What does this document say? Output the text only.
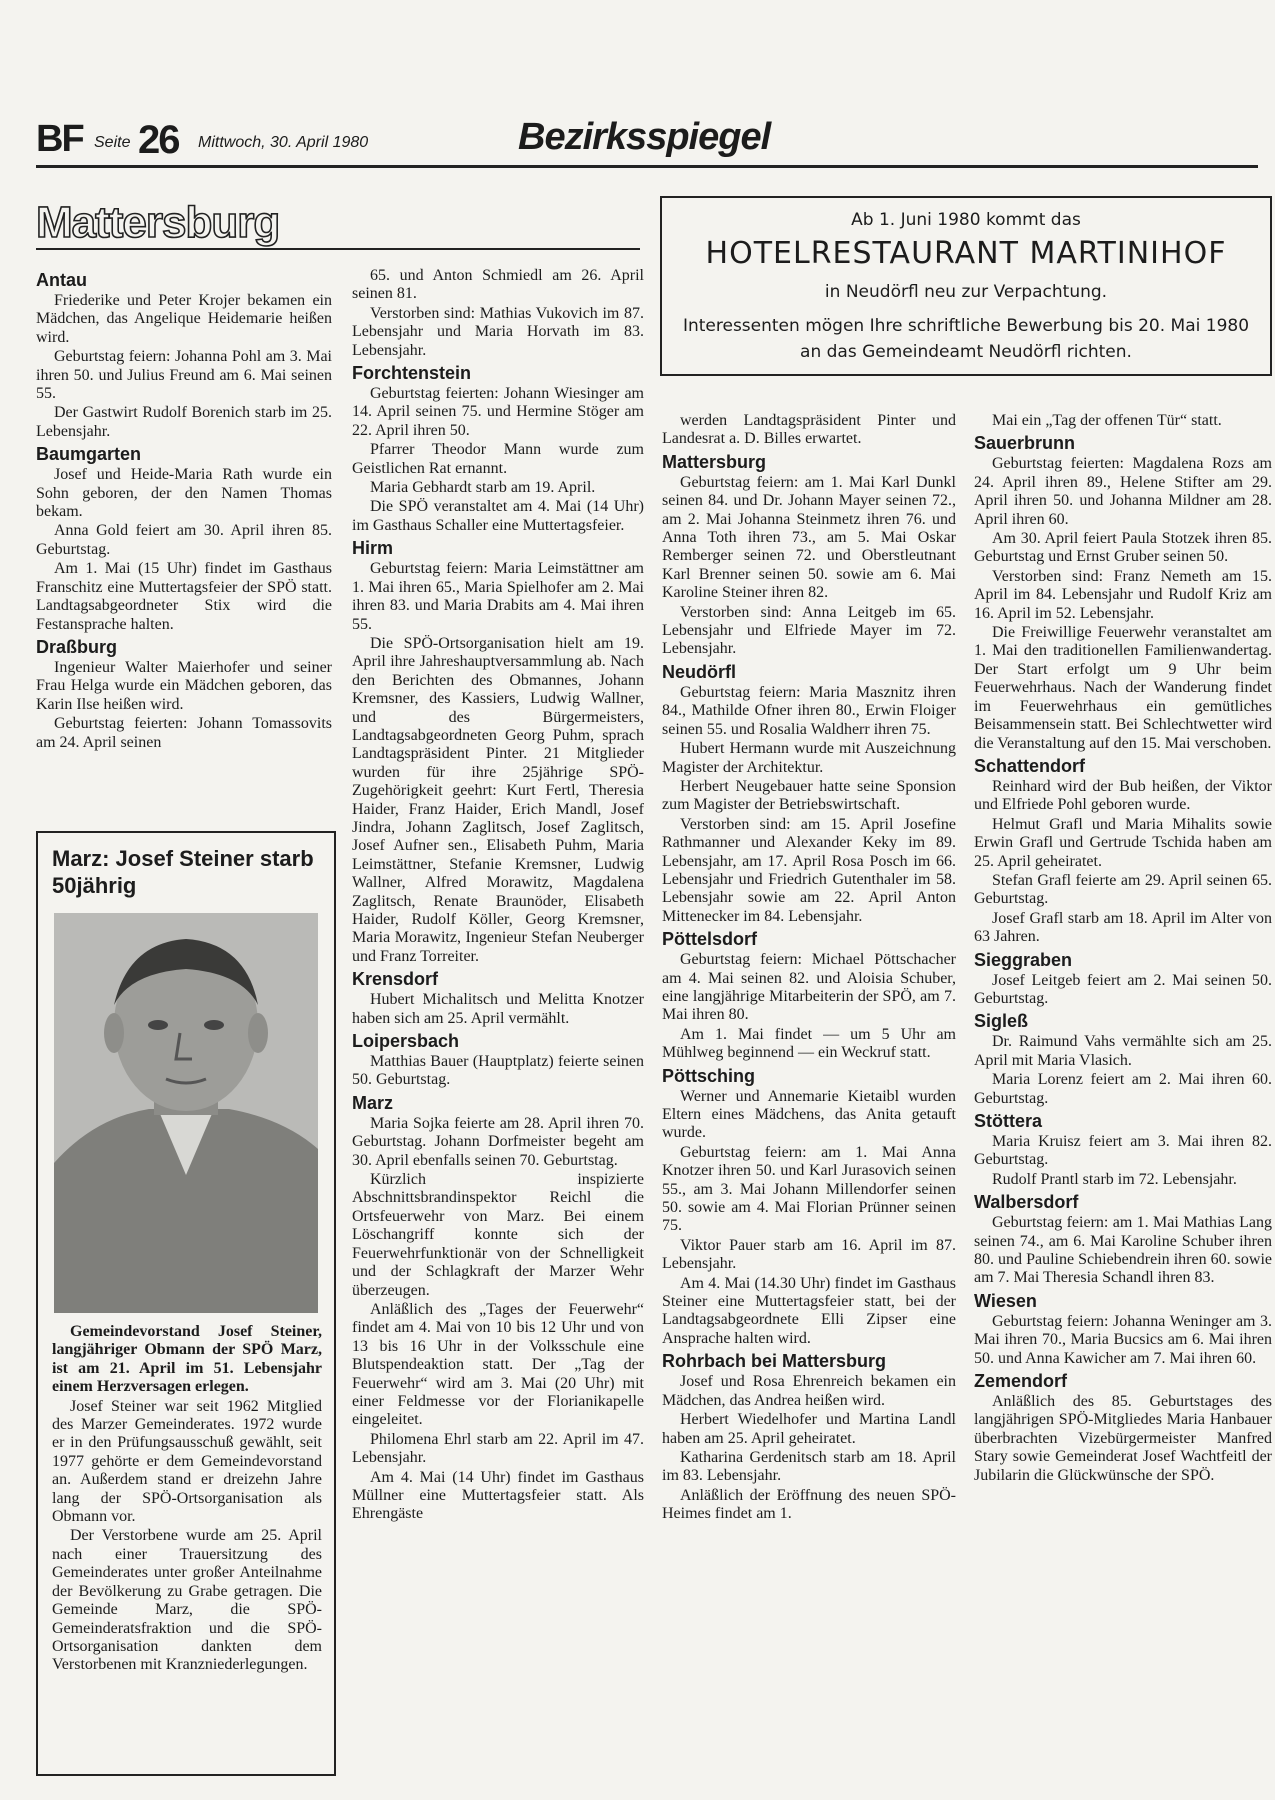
BF Seite 26 Mittwoch, 30. April 1980	Bezirksspiegel
Mattersburg	Ab 1. Juni 1980 kommt das
HOTELRESTAURANT MARTINIHOF
in Neudörfl neu zur Verpachtung.
Interessenten mögen Ihre schriftliche Bewerbung bis 20. Mai 1980
an das Gemeindeamt Neudörfl richten.
Antau

Friederike und Peter Krojer bekamen ein Mädchen, das Angelique Heidemarie heißen wird.

Geburtstag feiern: Johanna Pohl am 3. Mai ihren 50. und Julius Freund am 6. Mai seinen 55.

Der Gastwirt Rudolf Borenich starb im 25. Lebensjahr.

Baumgarten

Josef und Heide-Maria Rath wurde ein Sohn geboren, der den Namen Thomas bekam.

Anna Gold feiert am 30. April ihren 85. Geburtstag.

Am 1. Mai (15 Uhr) findet im Gasthaus Franschitz eine Muttertagsfeier der SPÖ statt. Landtagsabgeordneter Stix wird die Festansprache halten.

Draßburg

Ingenieur Walter Maierhofer und seiner Frau Helga wurde ein Mädchen geboren, das Karin Ilse heißen wird.

Geburtstag feierten: Johann Tomassovits am 24. April seinen

Marz: Josef Steiner starb 50jährig

Gemeindevorstand Josef Steiner, langjähriger Obmann der SPÖ Marz, ist am 21. April im 51. Lebensjahr einem Herzversagen erlegen.

Josef Steiner war seit 1962 Mitglied des Marzer Gemeinderates. 1972 wurde er in den Prüfungsausschuß gewählt, seit 1977 gehörte er dem Gemeindevorstand an. Außerdem stand er dreizehn Jahre lang der SPÖ-Ortsorganisation als Obmann vor.

Der Verstorbene wurde am 25. April nach einer Trauersitzung des Gemeinderates unter großer Anteilnahme der Bevölkerung zu Grabe getragen. Die Gemeinde Marz, die SPÖ-Gemeinderatsfraktion und die SPÖ-Ortsorganisation dankten dem Verstorbenen mit Kranzniederlegungen.

65. und Anton Schmiedl am 26. April seinen 81.

Verstorben sind: Mathias Vukovich im 87. Lebensjahr und Maria Horvath im 83. Lebensjahr.

Forchtenstein

Geburtstag feierten: Johann Wiesinger am 14. April seinen 75. und Hermine Stöger am 22. April ihren 50.

Pfarrer Theodor Mann wurde zum Geistlichen Rat ernannt.

Maria Gebhardt starb am 19. April.

Die SPÖ veranstaltet am 4. Mai (14 Uhr) im Gasthaus Schaller eine Muttertagsfeier.

Hirm

Geburtstag feiern: Maria Leimstättner am 1. Mai ihren 65., Maria Spielhofer am 2. Mai ihren 83. und Maria Drabits am 4. Mai ihren 55.

Die SPÖ-Ortsorganisation hielt am 19. April ihre Jahreshauptversammlung ab. Nach den Berichten des Obmannes, Johann Kremsner, des Kassiers, Ludwig Wallner, und des Bürgermeisters, Landtagsabgeordneten Georg Puhm, sprach Landtagspräsident Pinter. 21 Mitglieder wurden für ihre 25jährige SPÖ-Zugehörigkeit geehrt: Kurt Fertl, Theresia Haider, Franz Haider, Erich Mandl, Josef Jindra, Johann Zaglitsch, Josef Zaglitsch, Josef Aufner sen., Elisabeth Puhm, Maria Leimstättner, Stefanie Kremsner, Ludwig Wallner, Alfred Morawitz, Magdalena Zaglitsch, Renate Braunöder, Elisabeth Haider, Rudolf Köller, Georg Kremsner, Maria Morawitz, Ingenieur Stefan Neuberger und Franz Torreiter.

Krensdorf

Hubert Michalitsch und Melitta Knotzer haben sich am 25. April vermählt.

Loipersbach

Matthias Bauer (Hauptplatz) feierte seinen 50. Geburtstag.

Marz

Maria Sojka feierte am 28. April ihren 70. Geburtstag. Johann Dorfmeister begeht am 30. April ebenfalls seinen 70. Geburtstag.

Kürzlich inspizierte Abschnittsbrandinspektor Reichl die Ortsfeuerwehr von Marz. Bei einem Löschangriff konnte sich der Feuerwehrfunktionär von der Schnelligkeit und der Schlagkraft der Marzer Wehr überzeugen.

Anläßlich des „Tages der Feuerwehr“ findet am 4. Mai von 10 bis 12 Uhr und von 13 bis 16 Uhr in der Volksschule eine Blutspendeaktion statt. Der „Tag der Feuerwehr“ wird am 3. Mai (20 Uhr) mit einer Feldmesse vor der Florianikapelle eingeleitet.

Philomena Ehrl starb am 22. April im 47. Lebensjahr.

Am 4. Mai (14 Uhr) findet im Gasthaus Müllner eine Muttertagsfeier statt. Als Ehrengäste

werden Landtagspräsident Pinter und Landesrat a. D. Billes erwartet.

Mattersburg

Geburtstag feiern: am 1. Mai Karl Dunkl seinen 84. und Dr. Johann Mayer seinen 72., am 2. Mai Johanna Steinmetz ihren 76. und Anna Toth ihren 73., am 5. Mai Oskar Remberger seinen 72. und Oberstleutnant Karl Brenner seinen 50. sowie am 6. Mai Karoline Steiner ihren 82.

Verstorben sind: Anna Leitgeb im 65. Lebensjahr und Elfriede Mayer im 72. Lebensjahr.

Neudörfl

Geburtstag feiern: Maria Masznitz ihren 84., Mathilde Ofner ihren 80., Erwin Floiger seinen 55. und Rosalia Waldherr ihren 75.

Hubert Hermann wurde mit Auszeichnung Magister der Architektur.

Herbert Neugebauer hatte seine Sponsion zum Magister der Betriebswirtschaft.

Verstorben sind: am 15. April Josefine Rathmanner und Alexander Keky im 89. Lebensjahr, am 17. April Rosa Posch im 66. Lebensjahr und Friedrich Gutenthaler im 58. Lebensjahr sowie am 22. April Anton Mittenecker im 84. Lebensjahr.

Pöttelsdorf

Geburtstag feiern: Michael Pöttschacher am 4. Mai seinen 82. und Aloisia Schuber, eine langjährige Mitarbeiterin der SPÖ, am 7. Mai ihren 80.

Am 1. Mai findet — um 5 Uhr am Mühlweg beginnend — ein Weckruf statt.

Pöttsching

Werner und Annemarie Kietaibl wurden Eltern eines Mädchens, das Anita getauft wurde.

Geburtstag feiern: am 1. Mai Anna Knotzer ihren 50. und Karl Jurasovich seinen 55., am 3. Mai Johann Millendorfer seinen 50. sowie am 4. Mai Florian Prünner seinen 75.

Viktor Pauer starb am 16. April im 87. Lebensjahr.

Am 4. Mai (14.30 Uhr) findet im Gasthaus Steiner eine Muttertagsfeier statt, bei der Landtagsabgeordnete Elli Zipser eine Ansprache halten wird.

Rohrbach bei Mattersburg

Josef und Rosa Ehrenreich bekamen ein Mädchen, das Andrea heißen wird.

Herbert Wiedelhofer und Martina Landl haben am 25. April geheiratet.

Katharina Gerdenitsch starb am 18. April im 83. Lebensjahr.

Anläßlich der Eröffnung des neuen SPÖ-Heimes findet am 1.

Mai ein „Tag der offenen Tür“ statt.

Sauerbrunn

Geburtstag feierten: Magdalena Rozs am 24. April ihren 89., Helene Stifter am 29. April ihren 50. und Johanna Mildner am 28. April ihren 60.

Am 30. April feiert Paula Stotzek ihren 85. Geburtstag und Ernst Gruber seinen 50.

Verstorben sind: Franz Nemeth am 15. April im 84. Lebensjahr und Rudolf Kriz am 16. April im 52. Lebensjahr.

Die Freiwillige Feuerwehr veranstaltet am 1. Mai den traditionellen Familienwandertag. Der Start erfolgt um 9 Uhr beim Feuerwehrhaus. Nach der Wanderung findet im Feuerwehrhaus ein gemütliches Beisammensein statt. Bei Schlechtwetter wird die Veranstaltung auf den 15. Mai verschoben.

Schattendorf

Reinhard wird der Bub heißen, der Viktor und Elfriede Pohl geboren wurde.

Helmut Grafl und Maria Mihalits sowie Erwin Grafl und Gertrude Tschida haben am 25. April geheiratet.

Stefan Grafl feierte am 29. April seinen 65. Geburtstag.

Josef Grafl starb am 18. April im Alter von 63 Jahren.

Sieggraben

Josef Leitgeb feiert am 2. Mai seinen 50. Geburtstag.

Sigleß

Dr. Raimund Vahs vermählte sich am 25. April mit Maria Vlasich.

Maria Lorenz feiert am 2. Mai ihren 60. Geburtstag.

Stöttera

Maria Kruisz feiert am 3. Mai ihren 82. Geburtstag.

Rudolf Prantl starb im 72. Lebensjahr.

Walbersdorf

Geburtstag feiern: am 1. Mai Mathias Lang seinen 74., am 6. Mai Karoline Schuber ihren 80. und Pauline Schiebendrein ihren 60. sowie am 7. Mai Theresia Schandl ihren 83.

Wiesen

Geburtstag feiern: Johanna Weninger am 3. Mai ihren 70., Maria Bucsics am 6. Mai ihren 50. und Anna Kawicher am 7. Mai ihren 60.

Zemendorf

Anläßlich des 85. Geburtstages des langjährigen SPÖ-Mitgliedes Maria Hanbauer überbrachten Vizebürgermeister Manfred Stary sowie Gemeinderat Josef Wachtfeitl der Jubilarin die Glückwünsche der SPÖ.
